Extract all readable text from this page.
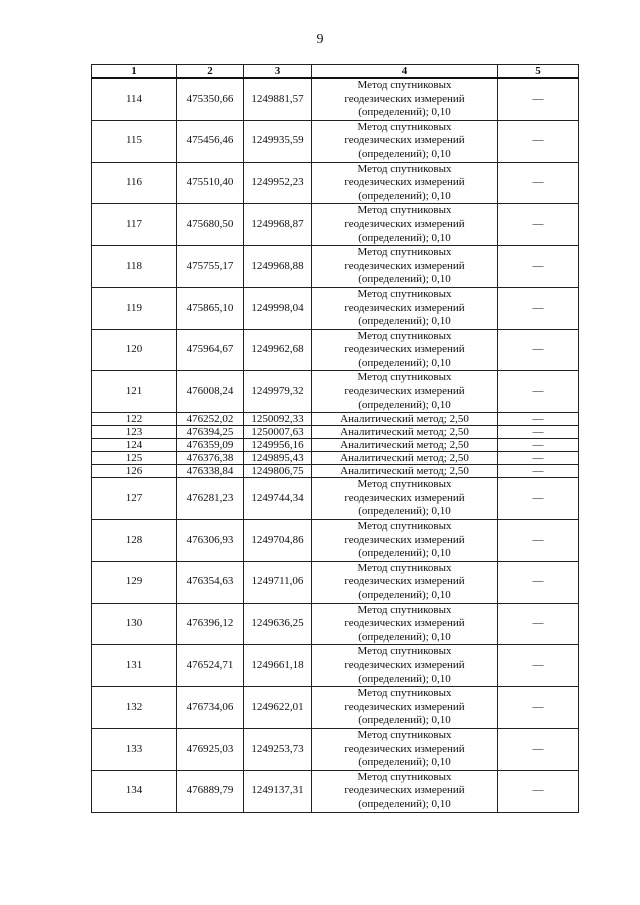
9
1	2	3	4	5
114	475350,66	1249881,57	Метод спутниковых
геодезических измерений
(определений); 0,10	—
115	475456,46	1249935,59	Метод спутниковых
геодезических измерений
(определений); 0,10	—
116	475510,40	1249952,23	Метод спутниковых
геодезических измерений
(определений); 0,10	—
117	475680,50	1249968,87	Метод спутниковых
геодезических измерений
(определений); 0,10	—
118	475755,17	1249968,88	Метод спутниковых
геодезических измерений
(определений); 0,10	—
119	475865,10	1249998,04	Метод спутниковых
геодезических измерений
(определений); 0,10	—
120	475964,67	1249962,68	Метод спутниковых
геодезических измерений
(определений); 0,10	—
121	476008,24	1249979,32	Метод спутниковых
геодезических измерений
(определений); 0,10	—
122	476252,02	1250092,33	Аналитический метод; 2,50	—
123	476394,25	1250007,63	Аналитический метод; 2,50	—
124	476359,09	1249956,16	Аналитический метод; 2,50	—
125	476376,38	1249895,43	Аналитический метод; 2,50	—
126	476338,84	1249806,75	Аналитический метод; 2,50	—
127	476281,23	1249744,34	Метод спутниковых
геодезических измерений
(определений); 0,10	—
128	476306,93	1249704,86	Метод спутниковых
геодезических измерений
(определений); 0,10	—
129	476354,63	1249711,06	Метод спутниковых
геодезических измерений
(определений); 0,10	—
130	476396,12	1249636,25	Метод спутниковых
геодезических измерений
(определений); 0,10	—
131	476524,71	1249661,18	Метод спутниковых
геодезических измерений
(определений); 0,10	—
132	476734,06	1249622,01	Метод спутниковых
геодезических измерений
(определений); 0,10	—
133	476925,03	1249253,73	Метод спутниковых
геодезических измерений
(определений); 0,10	—
134	476889,79	1249137,31	Метод спутниковых
геодезических измерений
(определений); 0,10	—
